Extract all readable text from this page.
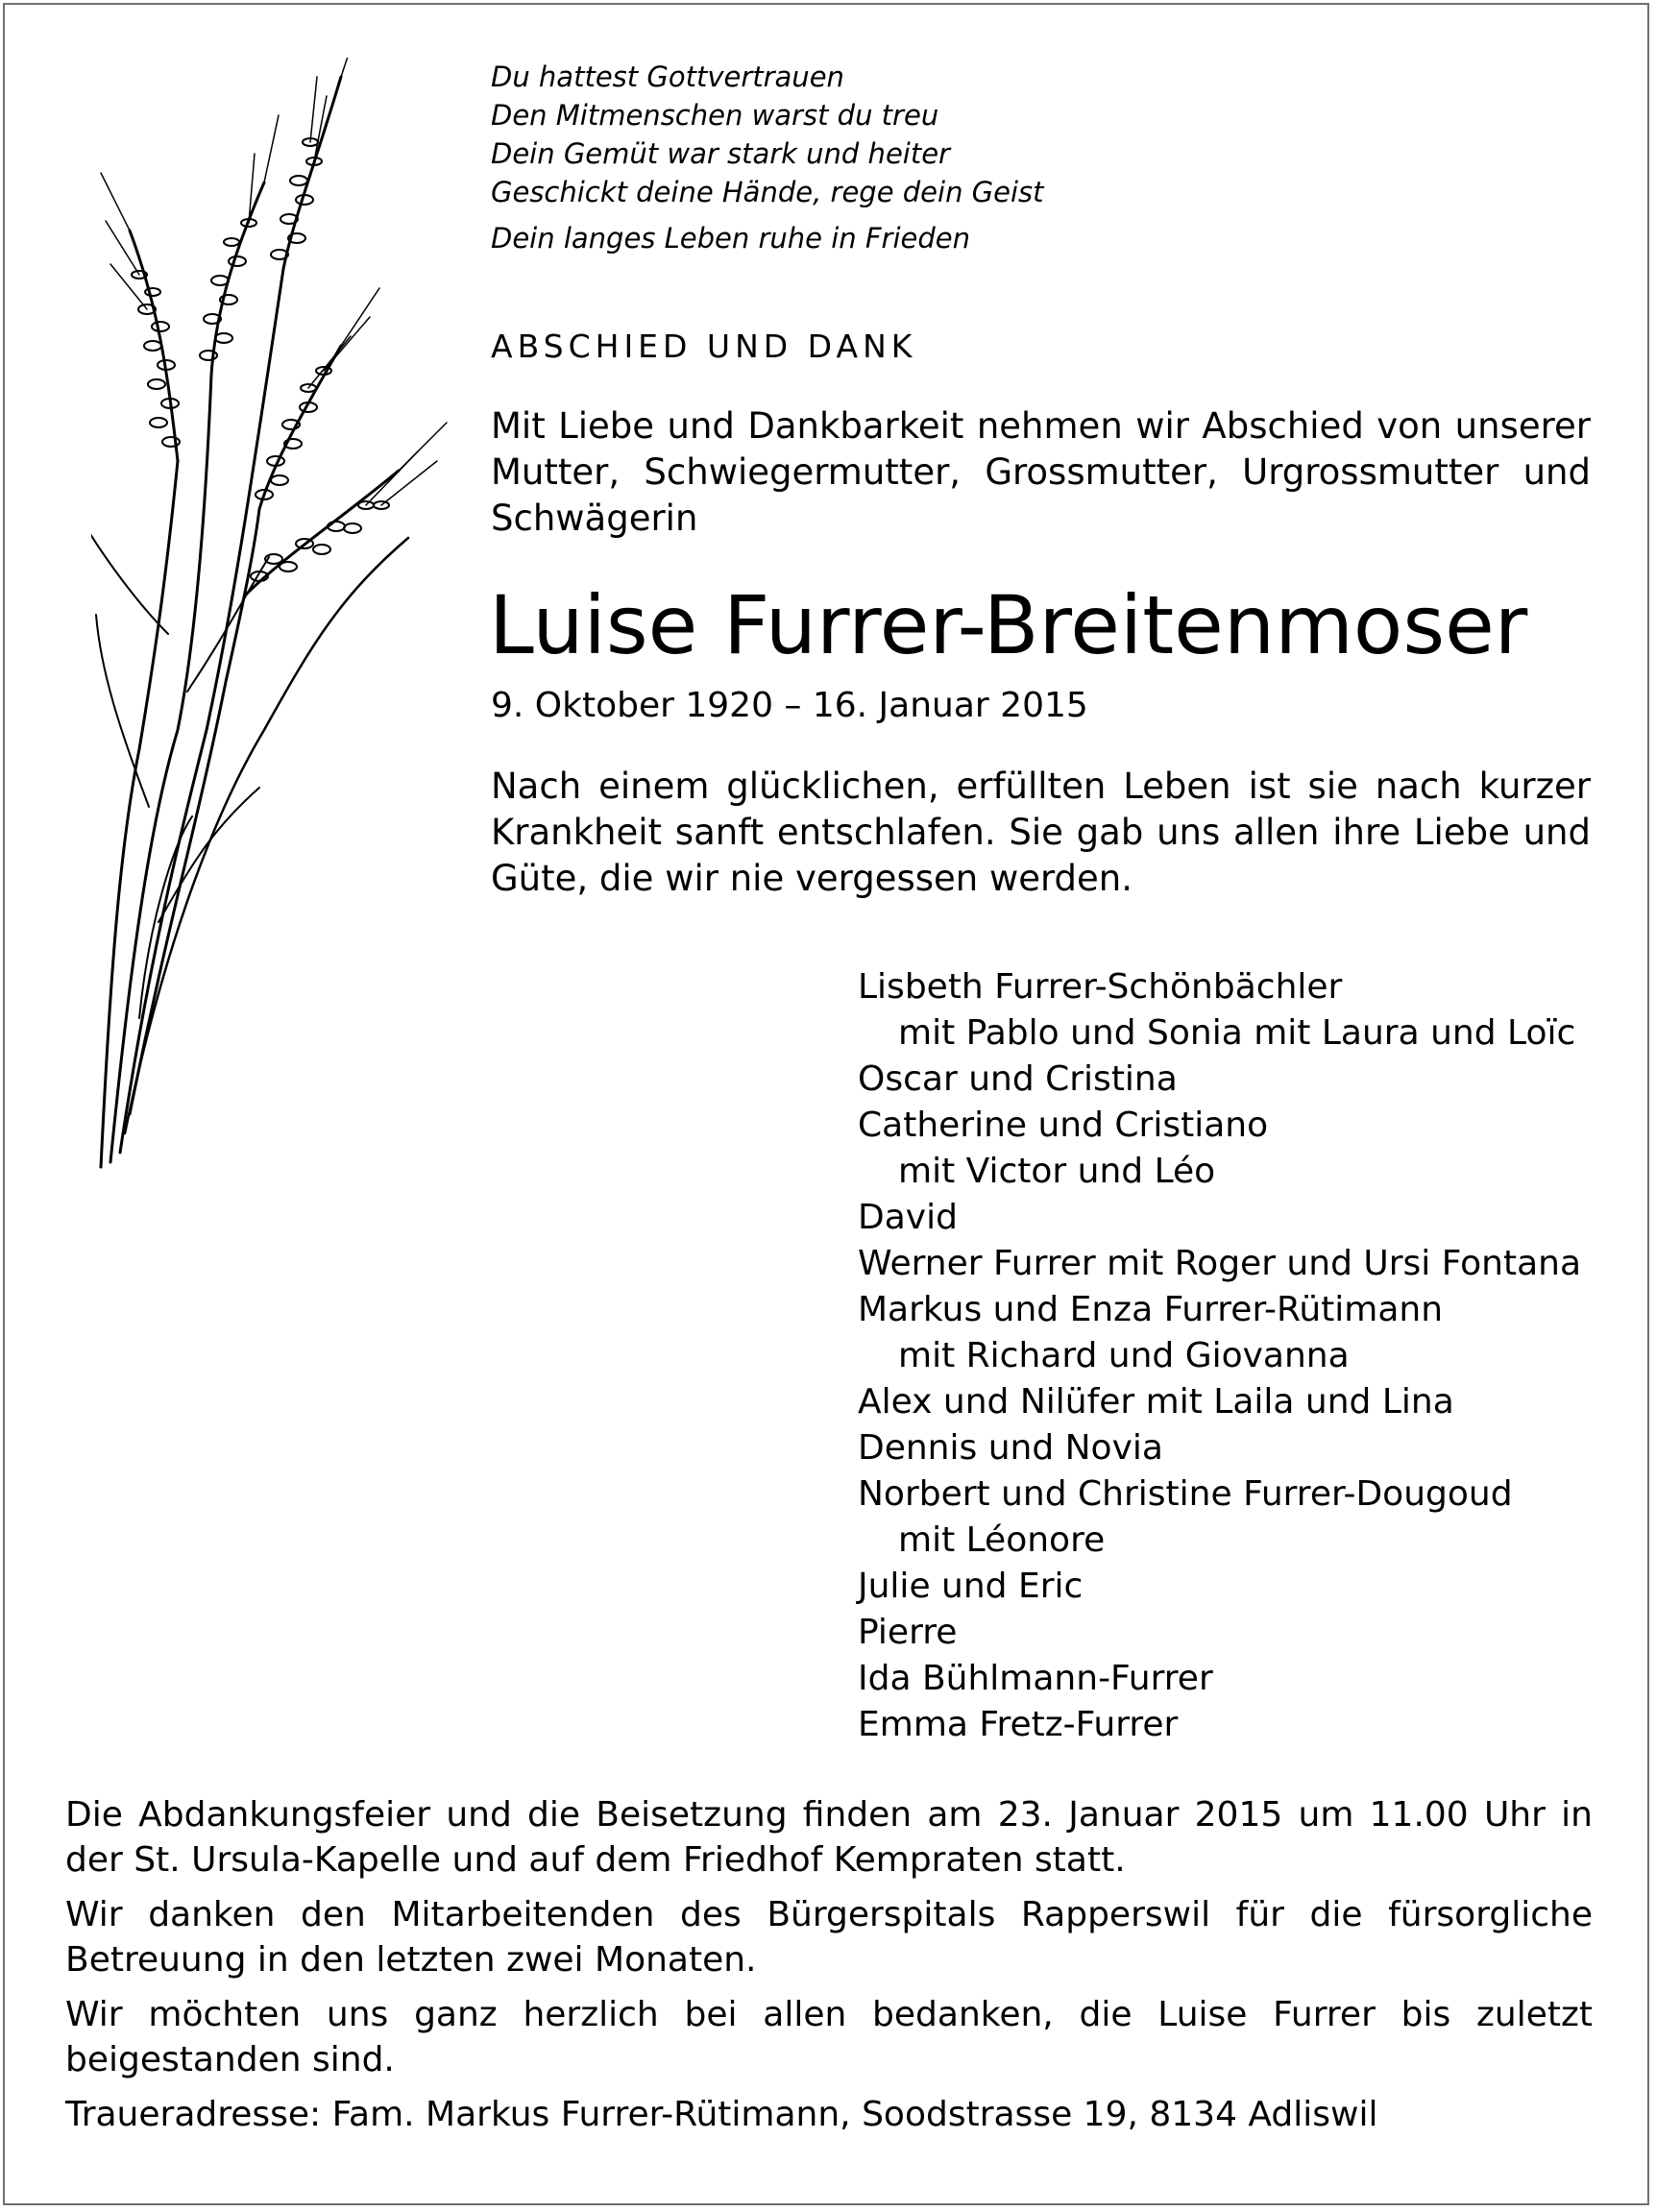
Du hattest Gottvertrauen
Den Mitmenschen warst du treu
Dein Gemüt war stark und heiter
Geschickt deine Hände, rege dein Geist
Dein langes Leben ruhe in Frieden
ABSCHIED UND DANK
Mit Liebe und Dankbarkeit nehmen wir Abschied von unserer Mutter, Schwiegermutter, Grossmutter, Urgrossmutter und Schwägerin
Luise Furrer-Breitenmoser
9. Oktober 1920 – 16. Januar 2015
Nach einem glücklichen, erfüllten Leben ist sie nach kurzer Krankheit sanft entschlafen. Sie gab uns allen ihre Liebe und Güte, die wir nie vergessen werden.
Lisbeth Furrer-Schönbächler
mit Pablo und Sonia mit Laura und Loïc
Oscar und Cristina
Catherine und Cristiano
mit Victor und Léo
David
Werner Furrer mit Roger und Ursi Fontana
Markus und Enza Furrer-Rütimann
mit Richard und Giovanna
Alex und Nilüfer mit Laila und Lina
Dennis und Novia
Norbert und Christine Furrer-Dougoud
mit Léonore
Julie und Eric
Pierre
Ida Bühlmann-Furrer
Emma Fretz-Furrer

Die Abdankungsfeier und die Beisetzung finden am 23. Januar 2015 um 11.00 Uhr in der St. Ursula-Kapelle und auf dem Friedhof Kempraten statt.

Wir danken den Mitarbeitenden des Bürgerspitals Rapperswil für die fürsorgliche Betreuung in den letzten zwei Monaten.

Wir möchten uns ganz herzlich bei allen bedanken, die Luise Furrer bis zuletzt beigestanden sind.

Traueradresse: Fam. Markus Furrer-Rütimann, Soodstrasse 19, 8134 Adliswil
